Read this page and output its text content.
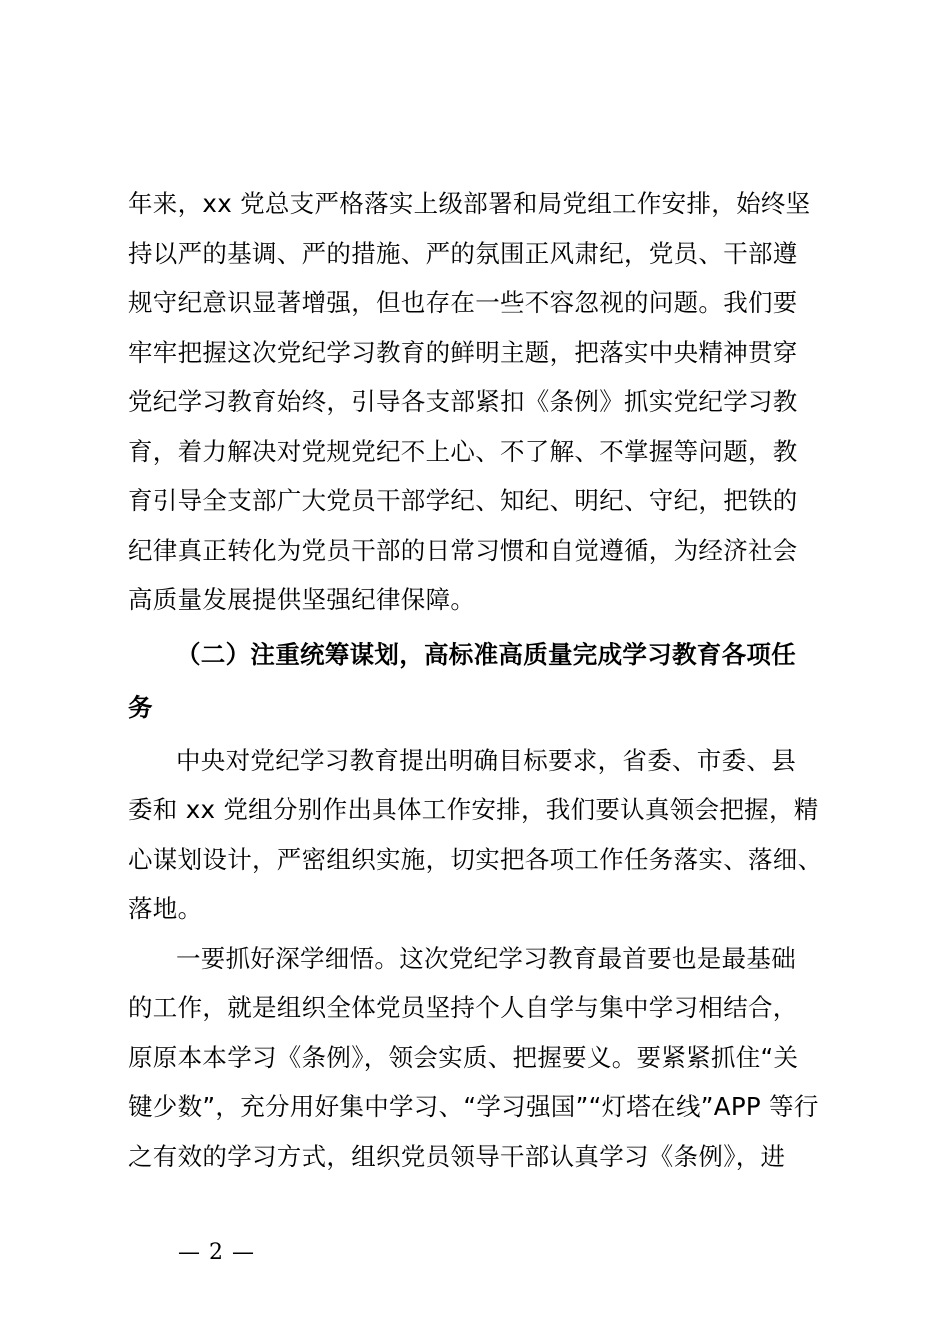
年来，xx 党总支严格落实上级部署和局党组工作安排，始终坚
持以严的基调、严的措施、严的氛围正风肃纪，党员、干部遵
规守纪意识显著增强，但也存在一些不容忽视的问题。我们要
牢牢把握这次党纪学习教育的鲜明主题，把落实中央精神贯穿
党纪学习教育始终，引导各支部紧扣《条例》抓实党纪学习教
育，着力解决对党规党纪不上心、不了解、不掌握等问题，教
育引导全支部广大党员干部学纪、知纪、明纪、守纪，把铁的
纪律真正转化为党员干部的日常习惯和自觉遵循，为经济社会
高质量发展提供坚强纪律保障。
（二）注重统筹谋划，高标准高质量完成学习教育各项任
务
中央对党纪学习教育提出明确目标要求，省委、市委、县
委和 xx 党组分别作出具体工作安排，我们要认真领会把握，精
心谋划设计，严密组织实施，切实把各项工作任务落实、落细、
落地。
一要抓好深学细悟。这次党纪学习教育最首要也是最基础
的工作，就是组织全体党员坚持个人自学与集中学习相结合，
原原本本学习《条例》，领会实质、把握要义。要紧紧抓住“关
键少数”，充分用好集中学习、“学习强国”“灯塔在线”APP 等行
之有效的学习方式，组织党员领导干部认真学习《条例》，进
— 2 —
